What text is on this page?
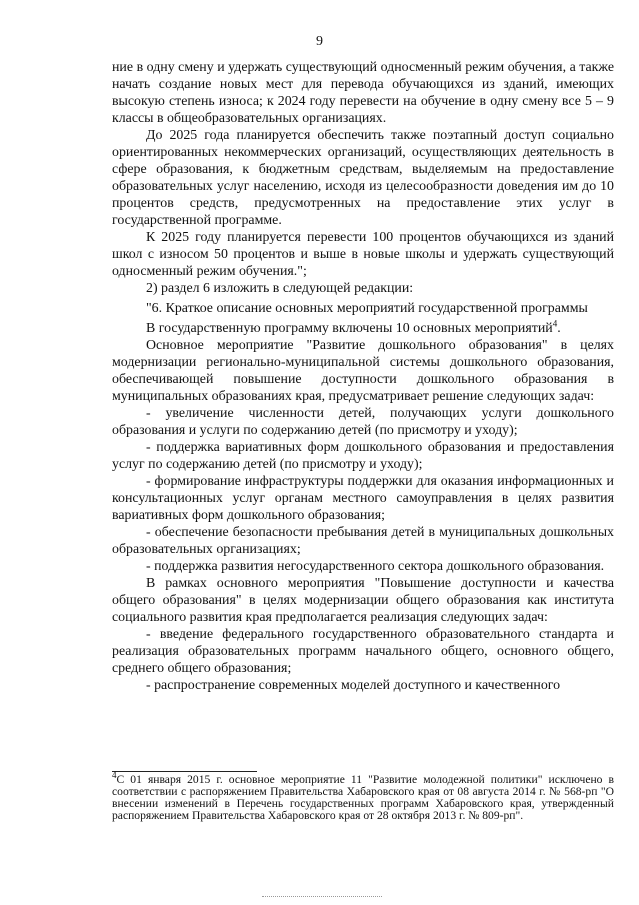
9

ние в одну смену и удержать существующий односменный режим обучения, а также начать создание новых мест для перевода обучающихся из зданий, имеющих высокую степень износа; к 2024 году перевести на обучение в одну смену все 5 – 9 классы в общеобразовательных организациях.

До 2025 года планируется обеспечить также поэтапный доступ социально ориентированных некоммерческих организаций, осуществляющих деятельность в сфере образования, к бюджетным средствам, выделяемым на предоставление образовательных услуг населению, исходя из целесообразности доведения им до 10 процентов средств, предусмотренных на предоставление этих услуг в государственной программе.

К 2025 году планируется перевести 100 процентов обучающихся из зданий школ с износом 50 процентов и выше в новые школы и удержать существующий односменный режим обучения.";

2) раздел 6 изложить в следующей редакции:

"6. Краткое описание основных мероприятий государственной программы

В государственную программу включены 10 основных мероприятий$^4$.

Основное мероприятие "Развитие дошкольного образования" в целях модернизации регионально-муниципальной системы дошкольного образования, обеспечивающей повышение доступности дошкольного образования в муниципальных образованиях края, предусматривает решение следующих задач:

- увеличение численности детей, получающих услуги дошкольного образования и услуги по содержанию детей (по присмотру и уходу);

- поддержка вариативных форм дошкольного образования и предоставления услуг по содержанию детей (по присмотру и уходу);

- формирование инфраструктуры поддержки для оказания информационных и консультационных услуг органам местного самоуправления в целях развития вариативных форм дошкольного образования;

- обеспечение безопасности пребывания детей в муниципальных дошкольных образовательных организациях;

- поддержка развития негосударственного сектора дошкольного образования.

В рамках основного мероприятия "Повышение доступности и качества общего образования" в целях модернизации общего образования как института социального развития края предполагается реализация следующих задач:

- введение федерального государственного образовательного стандарта и реализация образовательных программ начального общего, основного общего, среднего общего образования;

- распространение современных моделей доступного и качественного

$^4$С 01 января 2015 г. основное мероприятие 11 "Развитие молодежной политики" исключено в соответствии с распоряжением Правительства Хабаровского края от 08 августа 2014 г. № 568-рп "О внесении изменений в Перечень государственных программ Хабаровского края, утвержденный распоряжением Правительства Хабаровского края от 28 октября 2013 г. № 809-рп".
